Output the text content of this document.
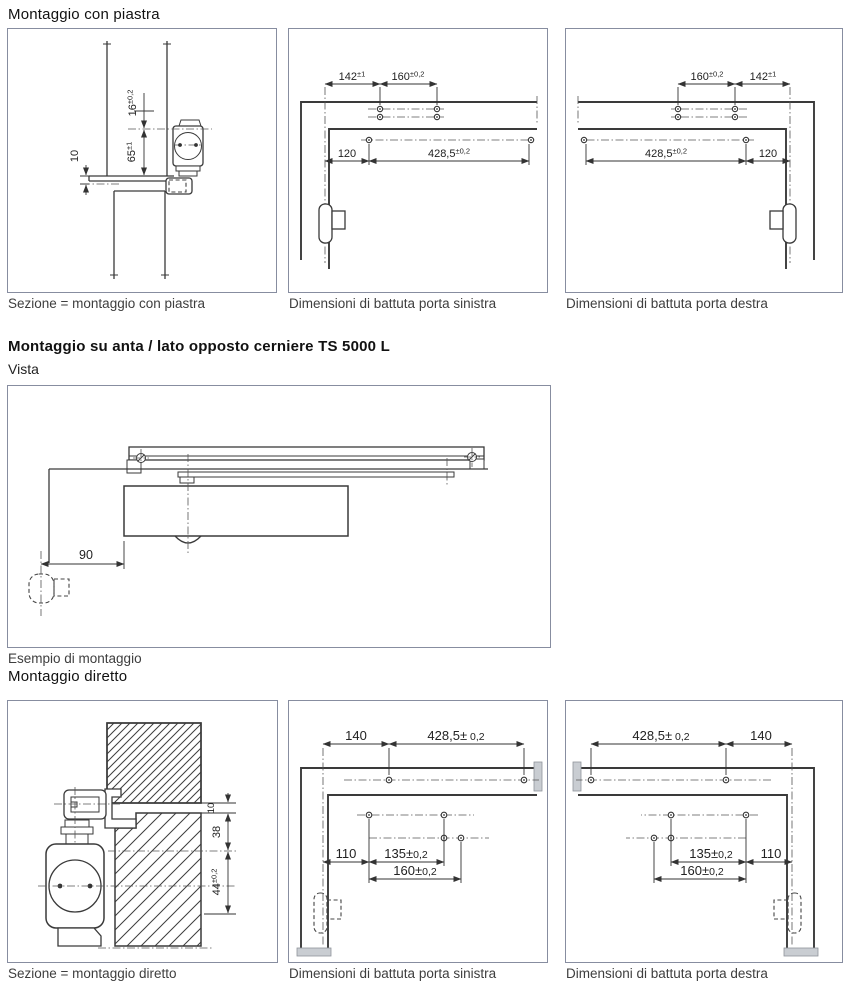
Montaggio con piastra
$16^{\pm 0,2}$
$65^{\pm 1}$
10
Sezione = montaggio con piastra
$142^{\pm 1}$ $160^{\pm 0,2}$
120	$428,5^{\pm 0,2}$
Dimensioni di battuta porta sinistra
$160^{\pm 0,2}$ $142^{\pm 1}$
$428,5^{\pm 0,2}$	120
Dimensioni di battuta porta destra
Montaggio su anta / lato opposto cerniere TS 5000 L
Vista
90
Esempio di montaggio
Montaggio diretto
10
38
$44^{\pm 0,2}$
Sezione = montaggio diretto
140	428,5± 0,2
110 135±0,2
160±0,2
Dimensioni di battuta porta sinistra
428,5± 0,2	140
135±0,2 110
160±0,2
Dimensioni di battuta porta destra
